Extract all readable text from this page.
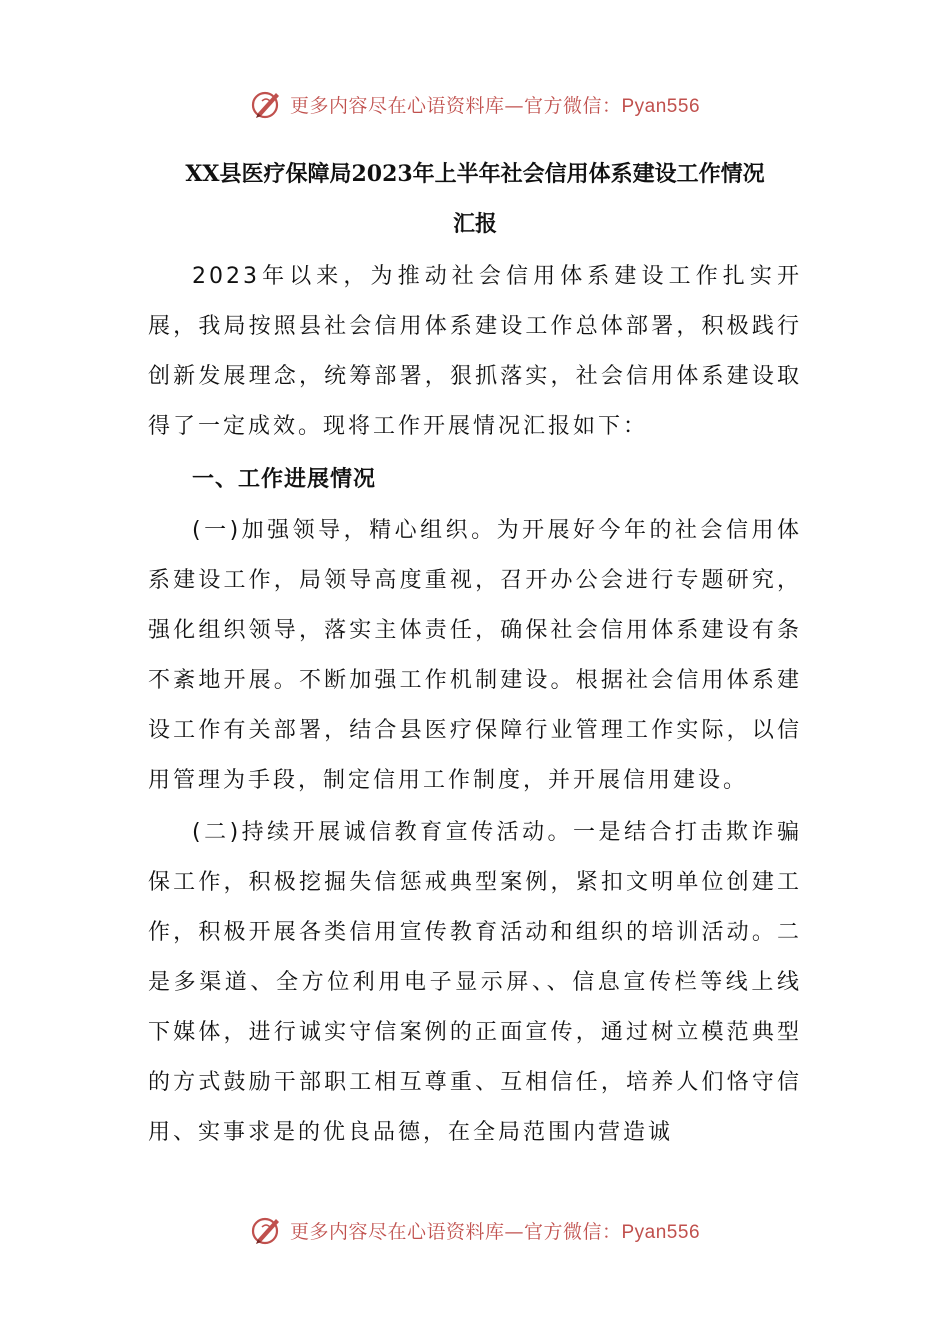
更多内容尽在心语资料库—官方微信：Pyan556
XX县医疗保障局2023年上半年社会信用体系建设工作情况
汇报

2023年以来，为推动社会信用体系建设工作扎实开展，我局按照县社会信用体系建设工作总体部署，积极践行创新发展理念，统筹部署，狠抓落实，社会信用体系建设取得了一定成效。现将工作开展情况汇报如下：

一、工作进展情况

(一)加强领导，精心组织。为开展好今年的社会信用体系建设工作，局领导高度重视，召开办公会进行专题研究，强化组织领导，落实主体责任，确保社会信用体系建设有条不紊地开展。不断加强工作机制建设。根据社会信用体系建设工作有关部署，结合县医疗保障行业管理工作实际，以信用管理为手段，制定信用工作制度，并开展信用建设。

(二)持续开展诚信教育宣传活动。一是结合打击欺诈骗保工作，积极挖掘失信惩戒典型案例，紧扣文明单位创建工作，积极开展各类信用宣传教育活动和组织的培训活动。二是多渠道、全方位利用电子显示屏、、信息宣传栏等线上线下媒体，进行诚实守信案例的正面宣传，通过树立模范典型的方式鼓励干部职工相互尊重、互相信任，培养人们恪守信用、实事求是的优良品德，在全局范围内营造诚

更多内容尽在心语资料库—官方微信：Pyan556
